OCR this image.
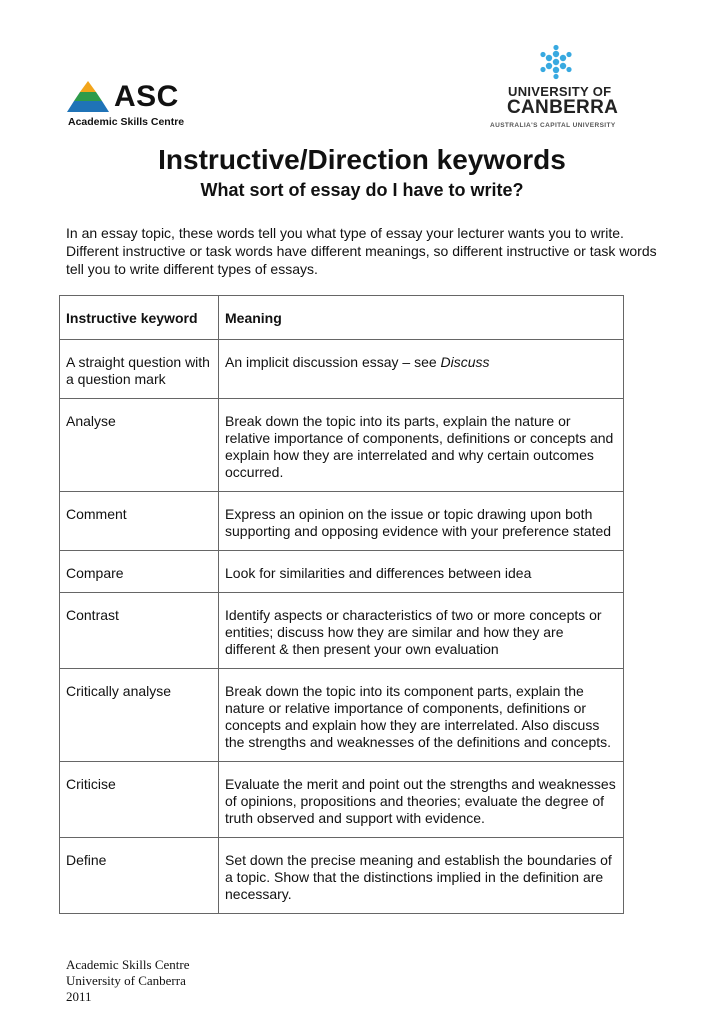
ASC
Academic Skills Centre
UNIVERSITY OF
CANBERRA
AUSTRALIA'S CAPITAL UNIVERSITY
Instructive/Direction keywords
What sort of essay do I have to write?

In an essay topic, these words tell you what type of essay your lecturer wants you to write. Different instructive or task words have different meanings, so different instructive or task words tell you to write different types of essays.

Instructive keyword	Meaning
A straight question with a question mark	An implicit discussion essay – see Discuss
Analyse	Break down the topic into its parts, explain the nature or relative importance of components, definitions or concepts and explain how they are interrelated and why certain outcomes occurred.
Comment	Express an opinion on the issue or topic drawing upon both supporting and opposing evidence with your preference stated
Compare	Look for similarities and differences between idea
Contrast	Identify aspects or characteristics of two or more concepts or entities; discuss how they are similar and how they are different & then present your own evaluation
Critically analyse	Break down the topic into its component parts, explain the nature or relative importance of components, definitions or concepts and explain how they are interrelated. Also discuss the strengths and weaknesses of the definitions and concepts.
Criticise	Evaluate the merit and point out the strengths and weaknesses of opinions, propositions and theories; evaluate the degree of truth observed and support with evidence.
Define	Set down the precise meaning and establish the boundaries of a topic. Show that the distinctions implied in the definition are necessary.
Academic Skills Centre
University of Canberra
2011
